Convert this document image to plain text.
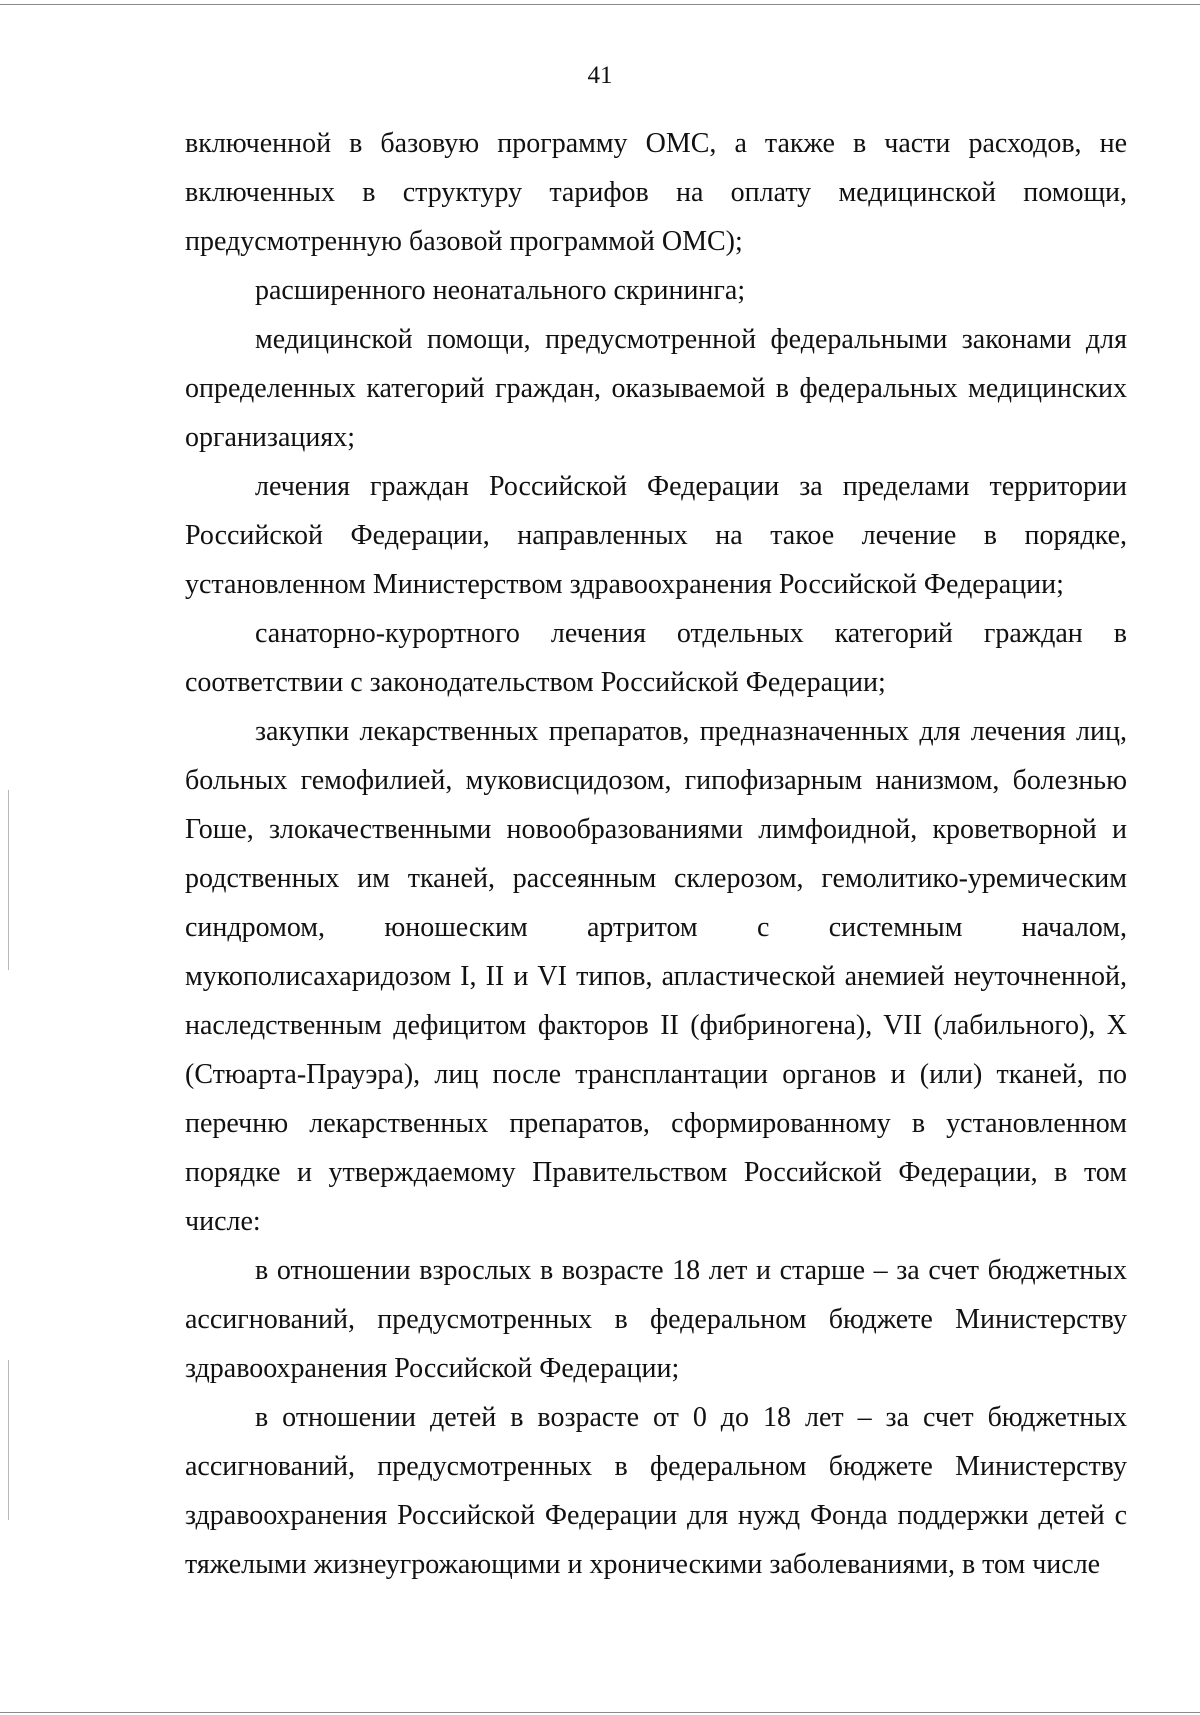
41

включенной в базовую программу ОМС, а также в части расходов, не включенных в структуру тарифов на оплату медицинской помощи, предусмотренную базовой программой ОМС);

расширенного неонатального скрининга;

медицинской помощи, предусмотренной федеральными законами для определенных категорий граждан, оказываемой в федеральных медицинских организациях;

лечения граждан Российской Федерации за пределами территории Российской Федерации, направленных на такое лечение в порядке, установленном Министерством здравоохранения Российской Федерации;

санаторно-курортного лечения отдельных категорий граждан в соответствии с законодательством Российской Федерации;

закупки лекарственных препаратов, предназначенных для лечения лиц, больных гемофилией, муковисцидозом, гипофизарным нанизмом, болезнью Гоше, злокачественными новообразованиями лимфоидной, кроветворной и родственных им тканей, рассеянным склерозом, гемолитико-уремическим синдромом, юношеским артритом с системным началом, мукополисахаридозом I, II и VI типов, апластической анемией неуточненной, наследственным дефицитом факторов II (фибриногена), VII (лабильного), X (Стюарта-Прауэра), лиц после трансплантации органов и (или) тканей, по перечню лекарственных препаратов, сформированному в установленном порядке и утверждаемому Правительством Российской Федерации, в том числе:

в отношении взрослых в возрасте 18 лет и старше – за счет бюджетных ассигнований, предусмотренных в федеральном бюджете Министерству здравоохранения Российской Федерации;

в отношении детей в возрасте от 0 до 18 лет – за счет бюджетных ассигнований, предусмотренных в федеральном бюджете Министерству здравоохранения Российской Федерации для нужд Фонда поддержки детей с тяжелыми жизнеугрожающими и хроническими заболеваниями, в том числе
